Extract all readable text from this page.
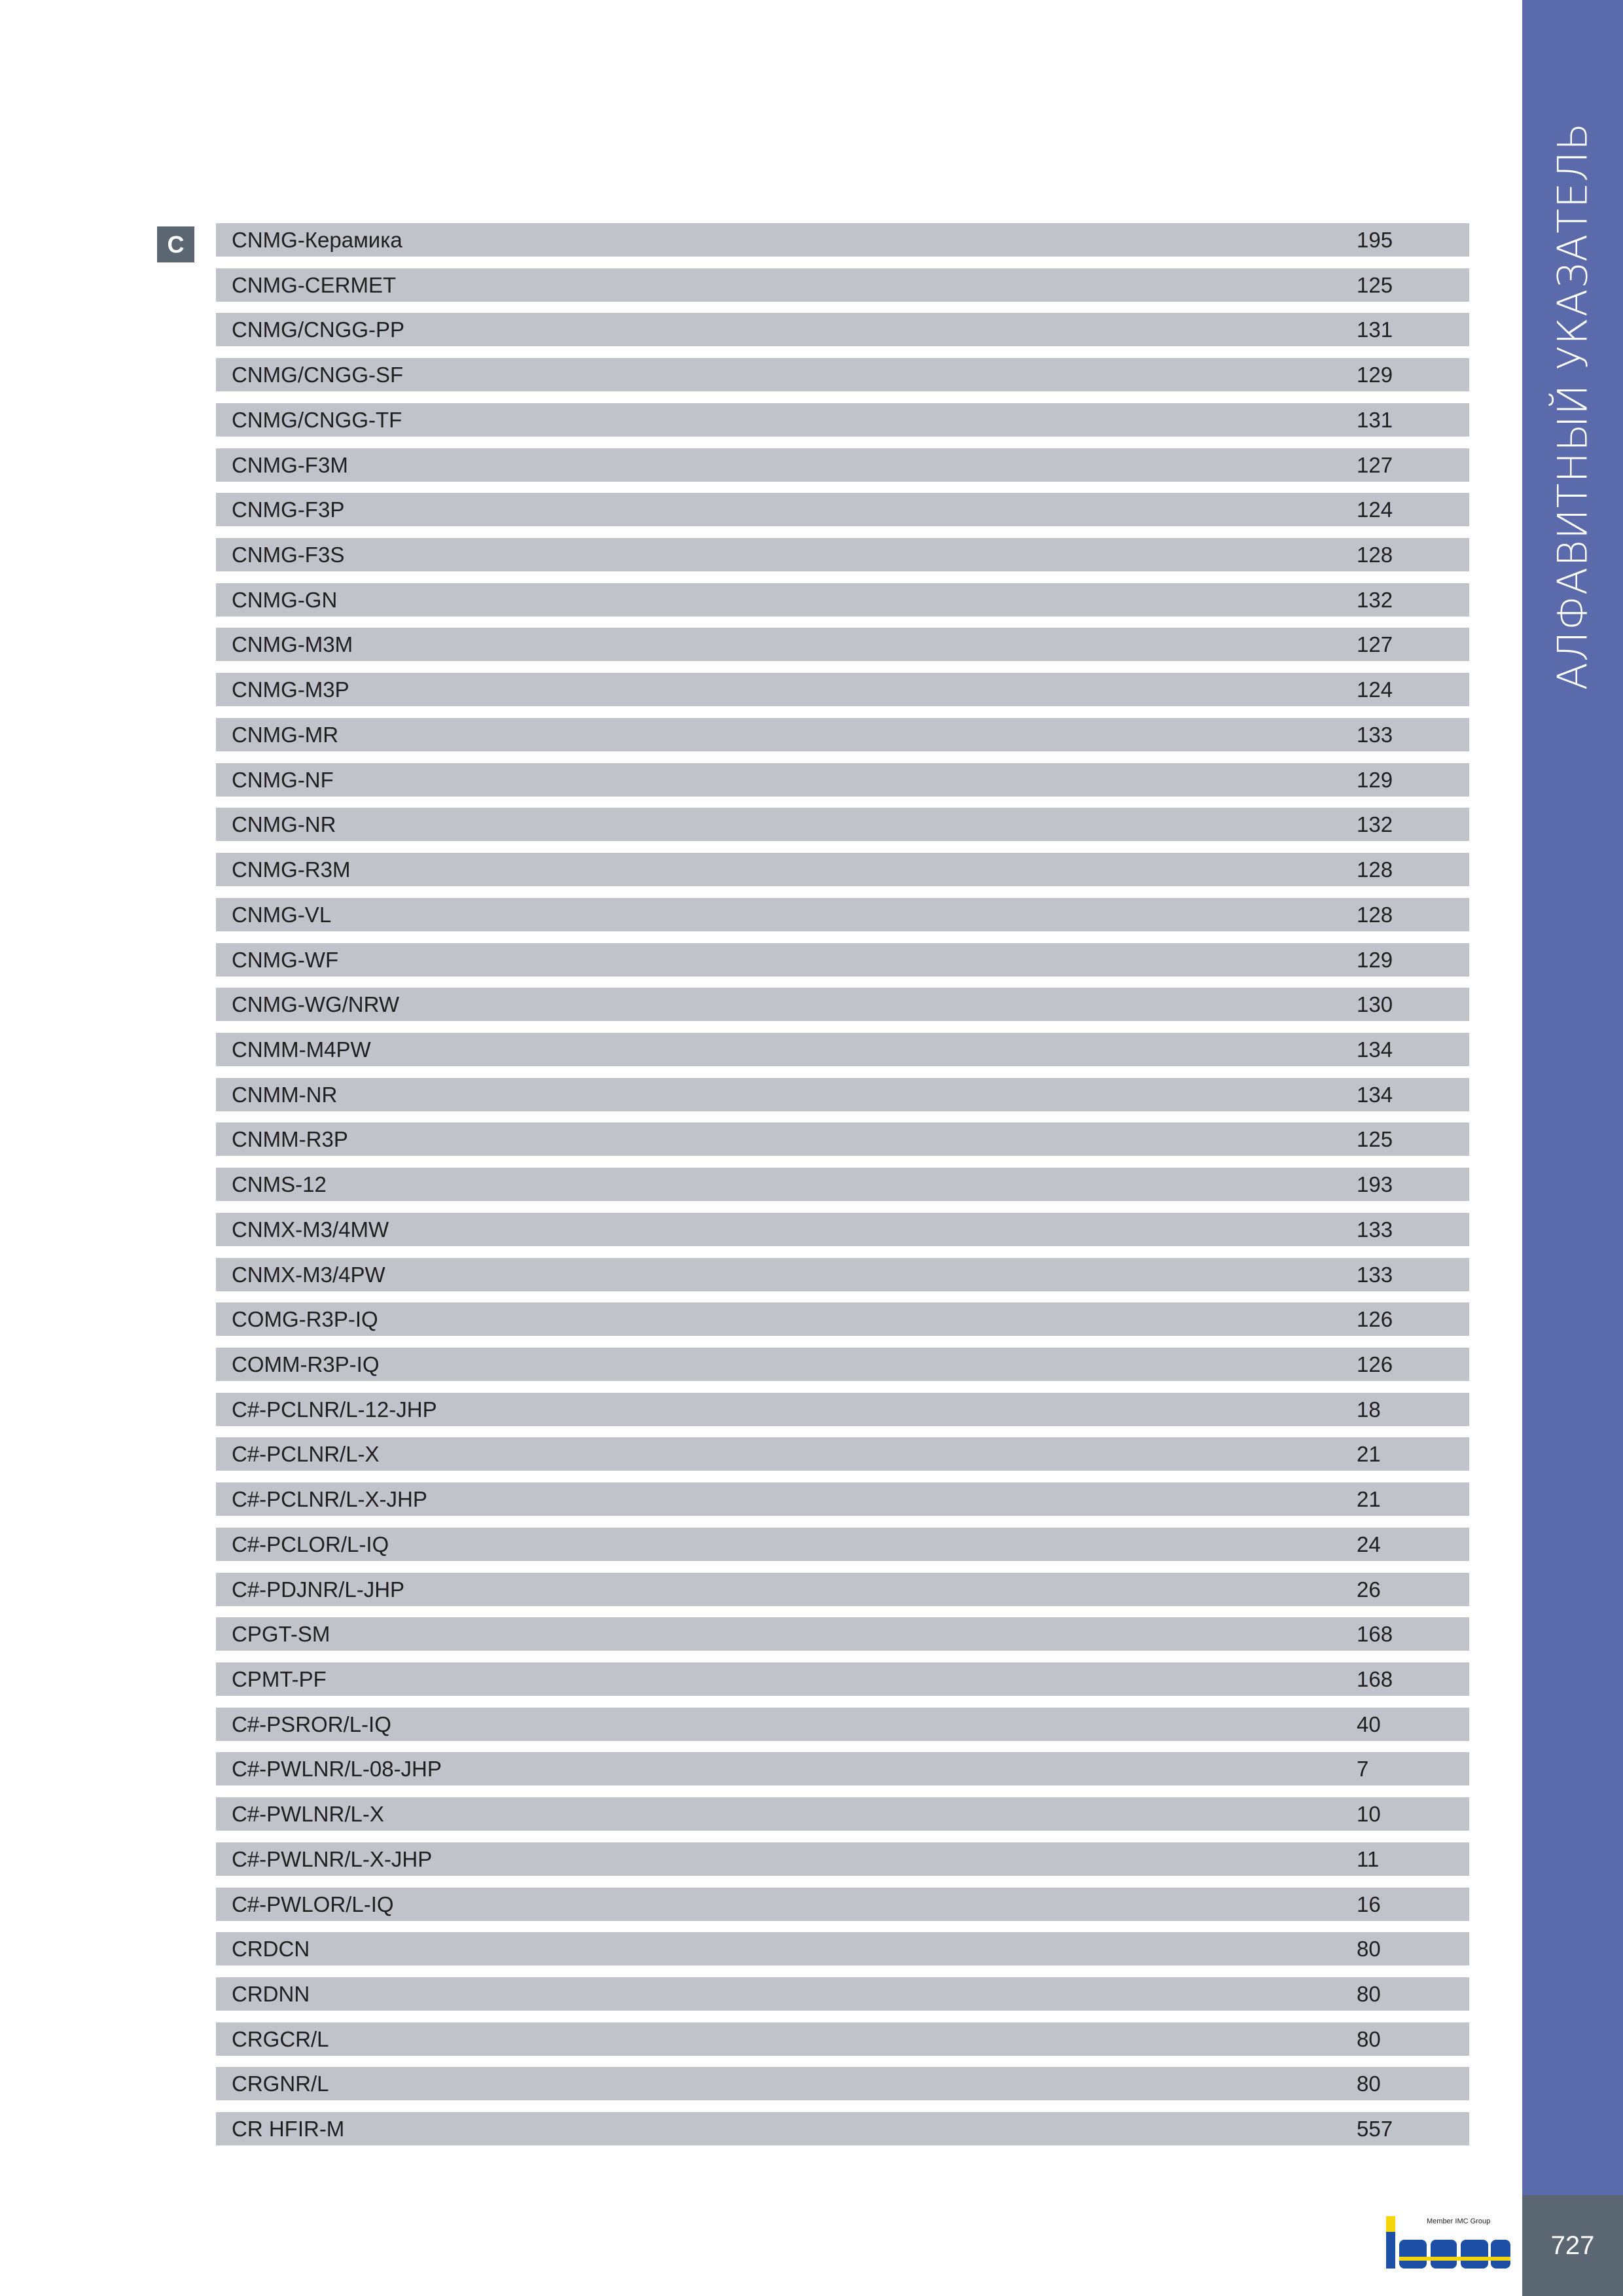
АЛФАВИТНЫЙ УКАЗАТЕЛЬ
C	CNMG-Керамика	195
CNMG-CERMET	125
CNMG/CNGG-PP	131
CNMG/CNGG-SF	129
CNMG/CNGG-TF	131
CNMG-F3M	127
CNMG-F3P	124
CNMG-F3S	128
CNMG-GN	132
CNMG-M3M	127
CNMG-M3P	124
CNMG-MR	133
CNMG-NF	129
CNMG-NR	132
CNMG-R3M	128
CNMG-VL	128
CNMG-WF	129
CNMG-WG/NRW	130
CNMM-M4PW	134
CNMM-NR	134
CNMM-R3P	125
CNMS-12	193
CNMX-M3/4MW	133
CNMX-M3/4PW	133
COMG-R3P-IQ	126
COMM-R3P-IQ	126
C#-PCLNR/L-12-JHP	18
C#-PCLNR/L-X	21
C#-PCLNR/L-X-JHP	21
C#-PCLOR/L-IQ	24
C#-PDJNR/L-JHP	26
CPGT-SM	168
CPMT-PF	168
C#-PSROR/L-IQ	40
C#-PWLNR/L-08-JHP	7
C#-PWLNR/L-X	10
C#-PWLNR/L-X-JHP	11
C#-PWLOR/L-IQ	16
CRDCN	80
CRDNN	80
CRGCR/L	80
CRGNR/L	80
CR HFIR-M	557
Member IMC Group
727
